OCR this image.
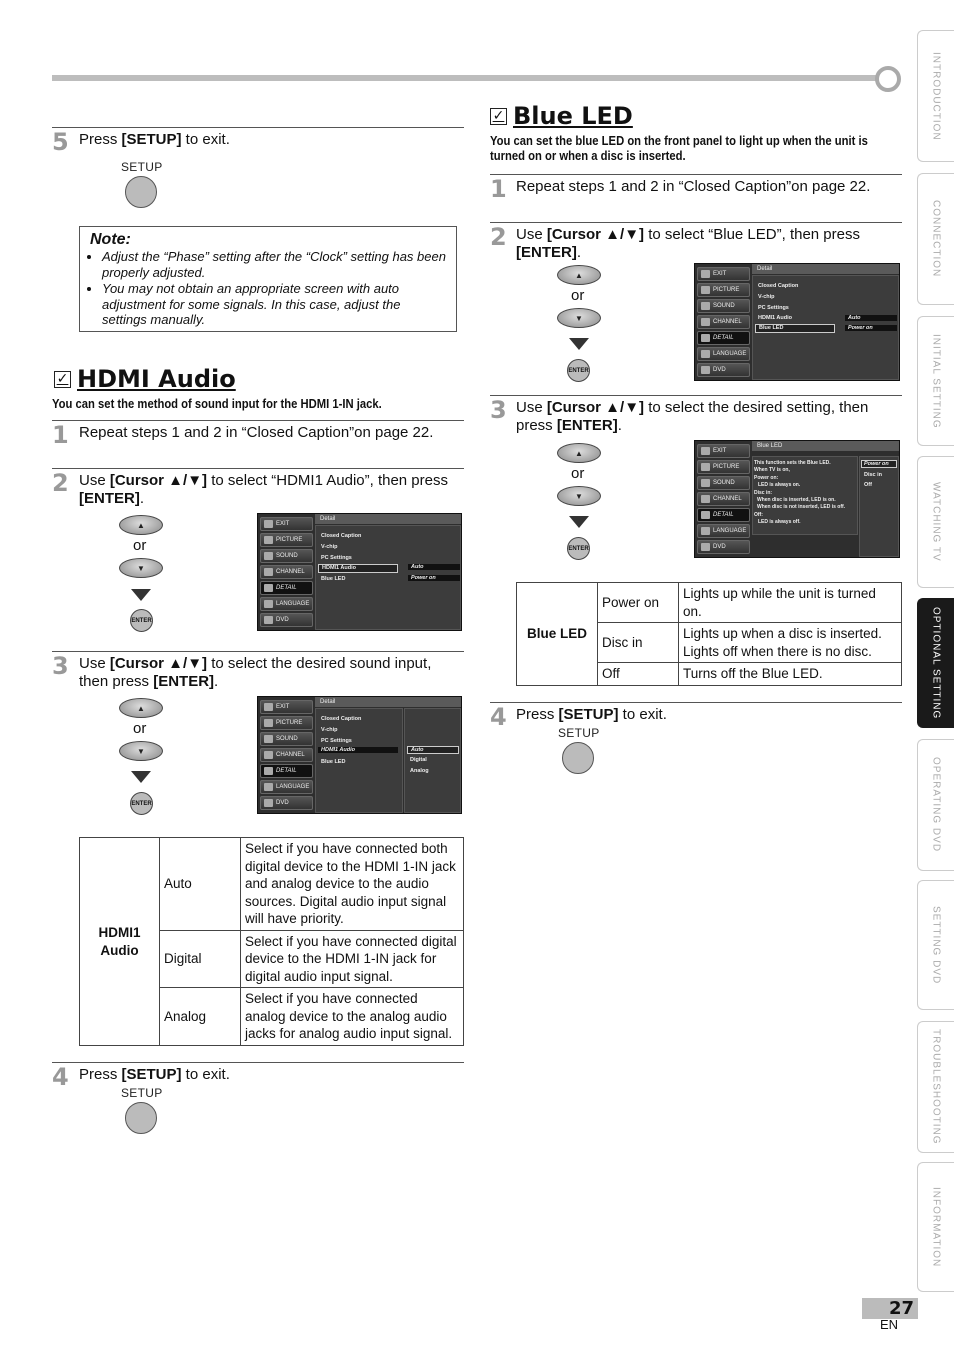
INTRODUCTION
CONNECTION
INITIAL SETTING
WATCHING TV
OPTIONAL SETTING
OPERATING DVD
SETTING DVD
TROUBLESHOOTING
INFORMATION
5 Press [SETUP] to exit.
SETUP
Note:
• Adjust the “Phase” setting after the “Clock” setting has been properly adjusted.
• You may not obtain an appropriate screen with auto adjustment for some signals. In this case, adjust the settings manually.
✓ HDMI Audio
You can set the method of sound input for the HDMI 1-IN jack.
1 Repeat steps 1 and 2 in “Closed Caption”on page 22.
2 Use [Cursor ▲/▼] to select “HDMI1 Audio”, then press [ENTER].
▲
or
▼
ENTER
EXIT
PICTURE
SOUND
CHANNEL
DETAIL
LANGUAGE
DVD
Detail
Closed Caption
V-chip
PC Settings
HDMI1 Audio
Blue LED
Auto
Power on
3 Use [Cursor ▲/▼] to select the desired sound input, then press [ENTER].
▲
or
▼
ENTER
EXIT
PICTURE
SOUND
CHANNEL
DETAIL
LANGUAGE
DVD
Detail
Closed Caption
V-chip
PC Settings
HDMI1 Audio
Blue LED
Auto
Digital
Analog
HDMI1 Audio	Auto	Select if you have connected both digital device to the HDMI 1-IN jack and analog device to the audio sources. Digital audio input signal will have priority.
	Digital	Select if you have connected digital device to the HDMI 1-IN jack for digital audio input signal.
	Analog	Select if you have connected analog device to the analog audio jacks for analog audio input signal.
4 Press [SETUP] to exit.
SETUP
✓ Blue LED
You can set the blue LED on the front panel to light up when the unit is turned on or when a disc is inserted.
1 Repeat steps 1 and 2 in “Closed Caption”on page 22.
2 Use [Cursor ▲/▼] to select “Blue LED”, then press [ENTER].
▲
or
▼
ENTER
EXIT
PICTURE
SOUND
CHANNEL
DETAIL
LANGUAGE
DVD
Detail
Closed Caption
V-chip
PC Settings
HDMI1 Audio
Blue LED
Auto
Power on
3 Use [Cursor ▲/▼] to select the desired setting, then press [ENTER].
▲
or
▼
ENTER
EXIT
PICTURE
SOUND
CHANNEL
DETAIL
LANGUAGE
DVD
Blue LED
This function sets the Blue LED.
When TV is on,
Power on:
LED is always on.
Disc in:
When disc is inserted, LED is on.
When disc is not inserted, LED is off.
Off:
LED is always off.
Power on
Disc in
Off
Blue LED	Power on	Lights up while the unit is turned on.
	Disc in	Lights up when a disc is inserted. Lights off when there is no disc.
	Off	Turns off the Blue LED.
4 Press [SETUP] to exit.
SETUP
27
EN
